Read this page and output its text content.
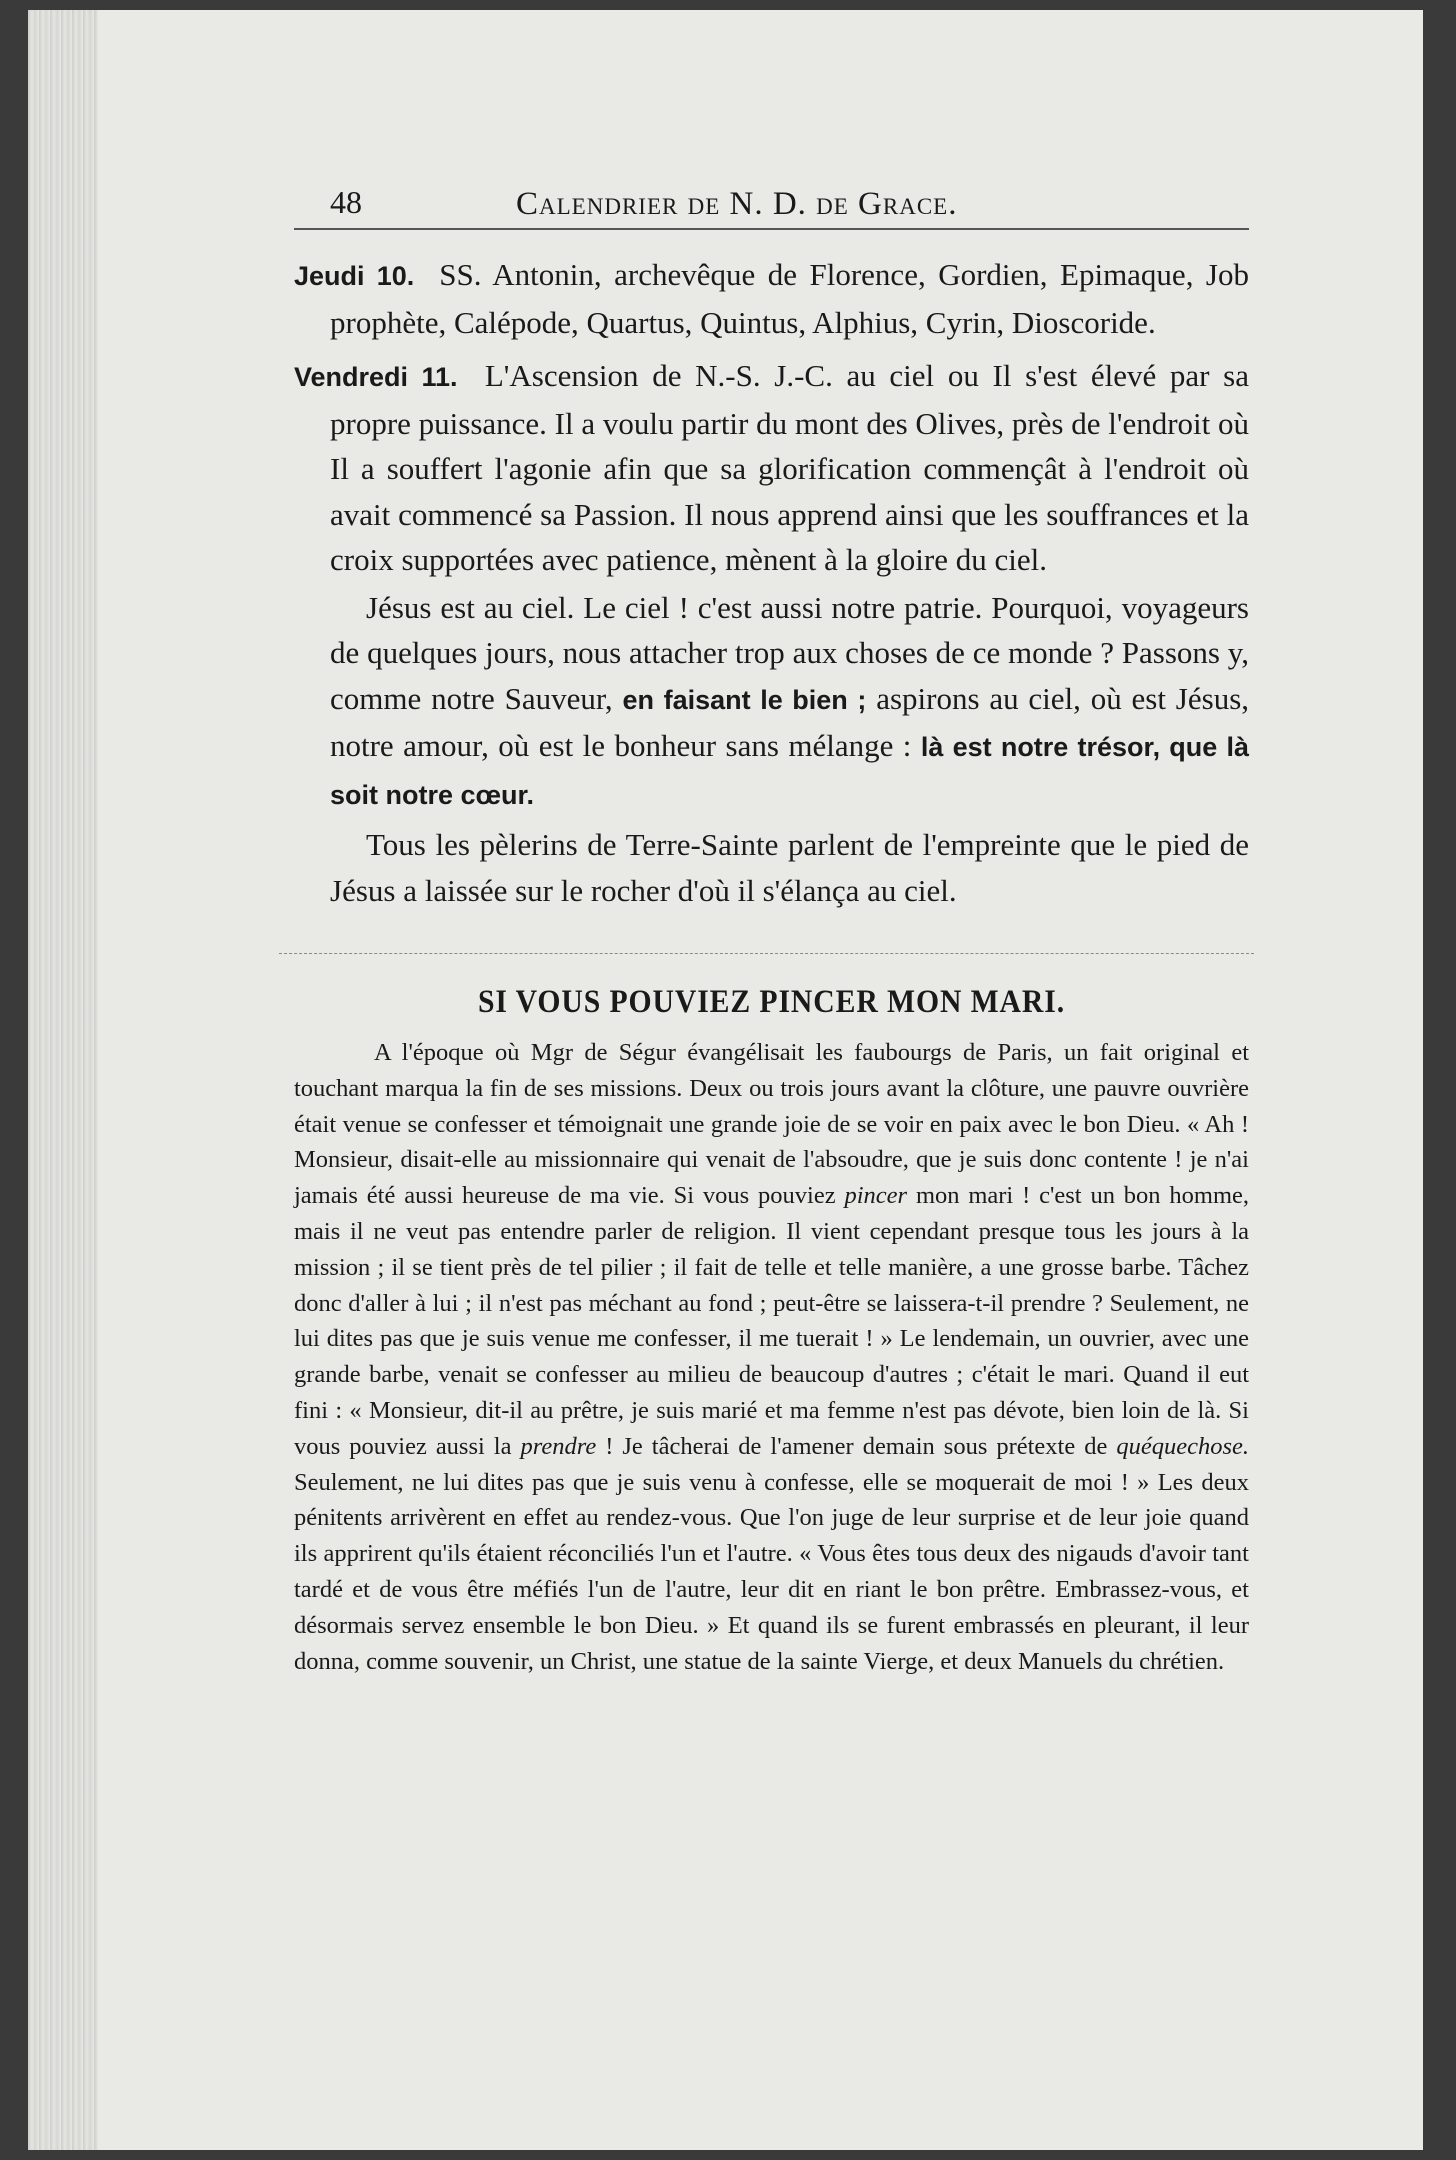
48	Calendrier de N. D. de Grace.

Jeudi 10. SS. Antonin, archevêque de Florence, Gordien, Epimaque, Job prophète, Calépode, Quartus, Quintus, Alphius, Cyrin, Dioscoride.

Vendredi 11. L'Ascension de N.-S. J.-C. au ciel ou Il s'est élevé par sa propre puissance. Il a voulu partir du mont des Olives, près de l'endroit où Il a souffert l'agonie afin que sa glorification commençât à l'endroit où avait commencé sa Passion. Il nous apprend ainsi que les souffrances et la croix supportées avec patience, mènent à la gloire du ciel.

Jésus est au ciel. Le ciel ! c'est aussi notre patrie. Pourquoi, voyageurs de quelques jours, nous attacher trop aux choses de ce monde ? Passons y, comme notre Sauveur, en faisant le bien ; aspirons au ciel, où est Jésus, notre amour, où est le bonheur sans mélange : là est notre trésor, que là soit notre cœur.

Tous les pèlerins de Terre-Sainte parlent de l'empreinte que le pied de Jésus a laissée sur le rocher d'où il s'élança au ciel.

SI VOUS POUVIEZ PINCER MON MARI.

A l'époque où Mgr de Ségur évangélisait les faubourgs de Paris, un fait original et touchant marqua la fin de ses missions. Deux ou trois jours avant la clôture, une pauvre ouvrière était venue se confesser et témoignait une grande joie de se voir en paix avec le bon Dieu. « Ah ! Monsieur, disait-elle au missionnaire qui venait de l'absoudre, que je suis donc contente ! je n'ai jamais été aussi heureuse de ma vie. Si vous pouviez pincer mon mari ! c'est un bon homme, mais il ne veut pas entendre parler de religion. Il vient cependant presque tous les jours à la mission ; il se tient près de tel pilier ; il fait de telle et telle manière, a une grosse barbe. Tâchez donc d'aller à lui ; il n'est pas méchant au fond ; peut-être se laissera-t-il prendre ? Seulement, ne lui dites pas que je suis venue me confesser, il me tuerait ! » Le lendemain, un ouvrier, avec une grande barbe, venait se confesser au milieu de beaucoup d'autres ; c'était le mari. Quand il eut fini : « Monsieur, dit-il au prêtre, je suis marié et ma femme n'est pas dévote, bien loin de là. Si vous pouviez aussi la prendre ! Je tâcherai de l'amener demain sous prétexte de quéquechose. Seulement, ne lui dites pas que je suis venu à confesse, elle se moquerait de moi ! » Les deux pénitents arrivèrent en effet au rendez-vous. Que l'on juge de leur surprise et de leur joie quand ils apprirent qu'ils étaient réconciliés l'un et l'autre. « Vous êtes tous deux des nigauds d'avoir tant tardé et de vous être méfiés l'un de l'autre, leur dit en riant le bon prêtre. Embrassez-vous, et désormais servez ensemble le bon Dieu. » Et quand ils se furent embrassés en pleurant, il leur donna, comme souvenir, un Christ, une statue de la sainte Vierge, et deux Manuels du chrétien.
